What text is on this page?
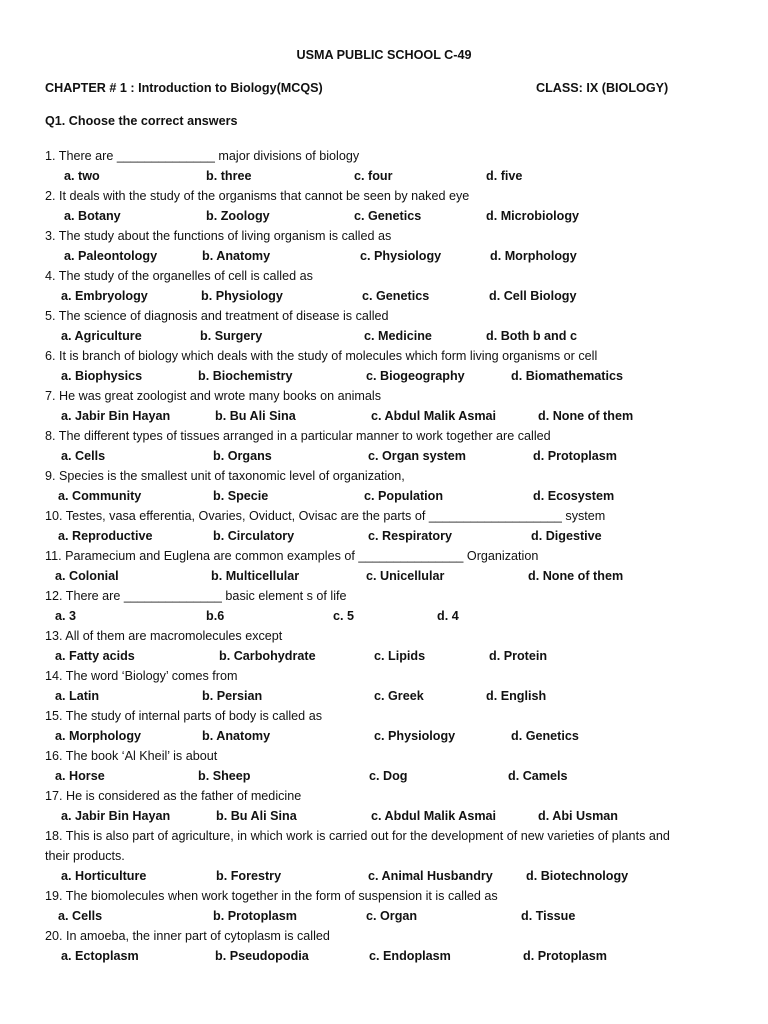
USMA PUBLIC SCHOOL C-49
CHAPTER # 1 : Introduction to Biology(MCQS)	CLASS: IX (BIOLOGY)
Q1. Choose the correct answers

1. There are ______________ major divisions of biology

a. two	b. three	c. four	d. five

2. It deals with the study of the organisms that cannot be seen by naked eye

a. Botany	b. Zoology	c. Genetics	d. Microbiology

3. The study about the functions of living organism is called as

a. Paleontology	b. Anatomy	c. Physiology	d. Morphology

4. The study of the organelles of cell is called as

a. Embryology	b. Physiology	c. Genetics	d. Cell Biology

5. The science of diagnosis and treatment of disease is called

a. Agriculture	b. Surgery	c. Medicine	d. Both b and c

6. It is branch of biology which deals with the study of molecules which form living organisms or cell

a. Biophysics	b. Biochemistry	c. Biogeography	d. Biomathematics

7. He was great zoologist and wrote many books on animals

a. Jabir Bin Hayan	b. Bu Ali Sina	c. Abdul Malik Asmai	d. None of them

8. The different types of tissues arranged in a particular manner to work together are called

a. Cells	b. Organs	c. Organ system	d. Protoplasm

9. Species is the smallest unit of taxonomic level of organization,

a. Community	b. Specie	c. Population	d. Ecosystem

10. Testes, vasa efferentia, Ovaries, Oviduct, Ovisac are the parts of ___________________ system

a. Reproductive	b. Circulatory	c. Respiratory	d. Digestive

11. Paramecium and Euglena are common examples of _______________ Organization

a. Colonial	b. Multicellular	c. Unicellular	d. None of them

12. There are ______________ basic element s of life

a. 3	b.6	c. 5	d. 4

13. All of them are macromolecules except

a. Fatty acids	b. Carbohydrate	c. Lipids	d. Protein

14. The word ‘Biology’ comes from

a. Latin	b. Persian	c. Greek	d. English

15. The study of internal parts of body is called as

a. Morphology	b. Anatomy	c. Physiology	d. Genetics

16. The book ‘Al Kheil’ is about

a. Horse	b. Sheep	c. Dog	d. Camels

17. He is considered as the father of medicine

a. Jabir Bin Hayan	b. Bu Ali Sina	c. Abdul Malik Asmai	d. Abi Usman

18. This is also part of agriculture, in which work is carried out for the development of new varieties of plants and their products.

a. Horticulture	b. Forestry	c. Animal Husbandry	d. Biotechnology

19. The biomolecules when work together in the form of suspension it is called as

a. Cells	b. Protoplasm	c. Organ	d. Tissue

20. In amoeba, the inner part of cytoplasm is called

a. Ectoplasm	b. Pseudopodia	c. Endoplasm	d. Protoplasm
